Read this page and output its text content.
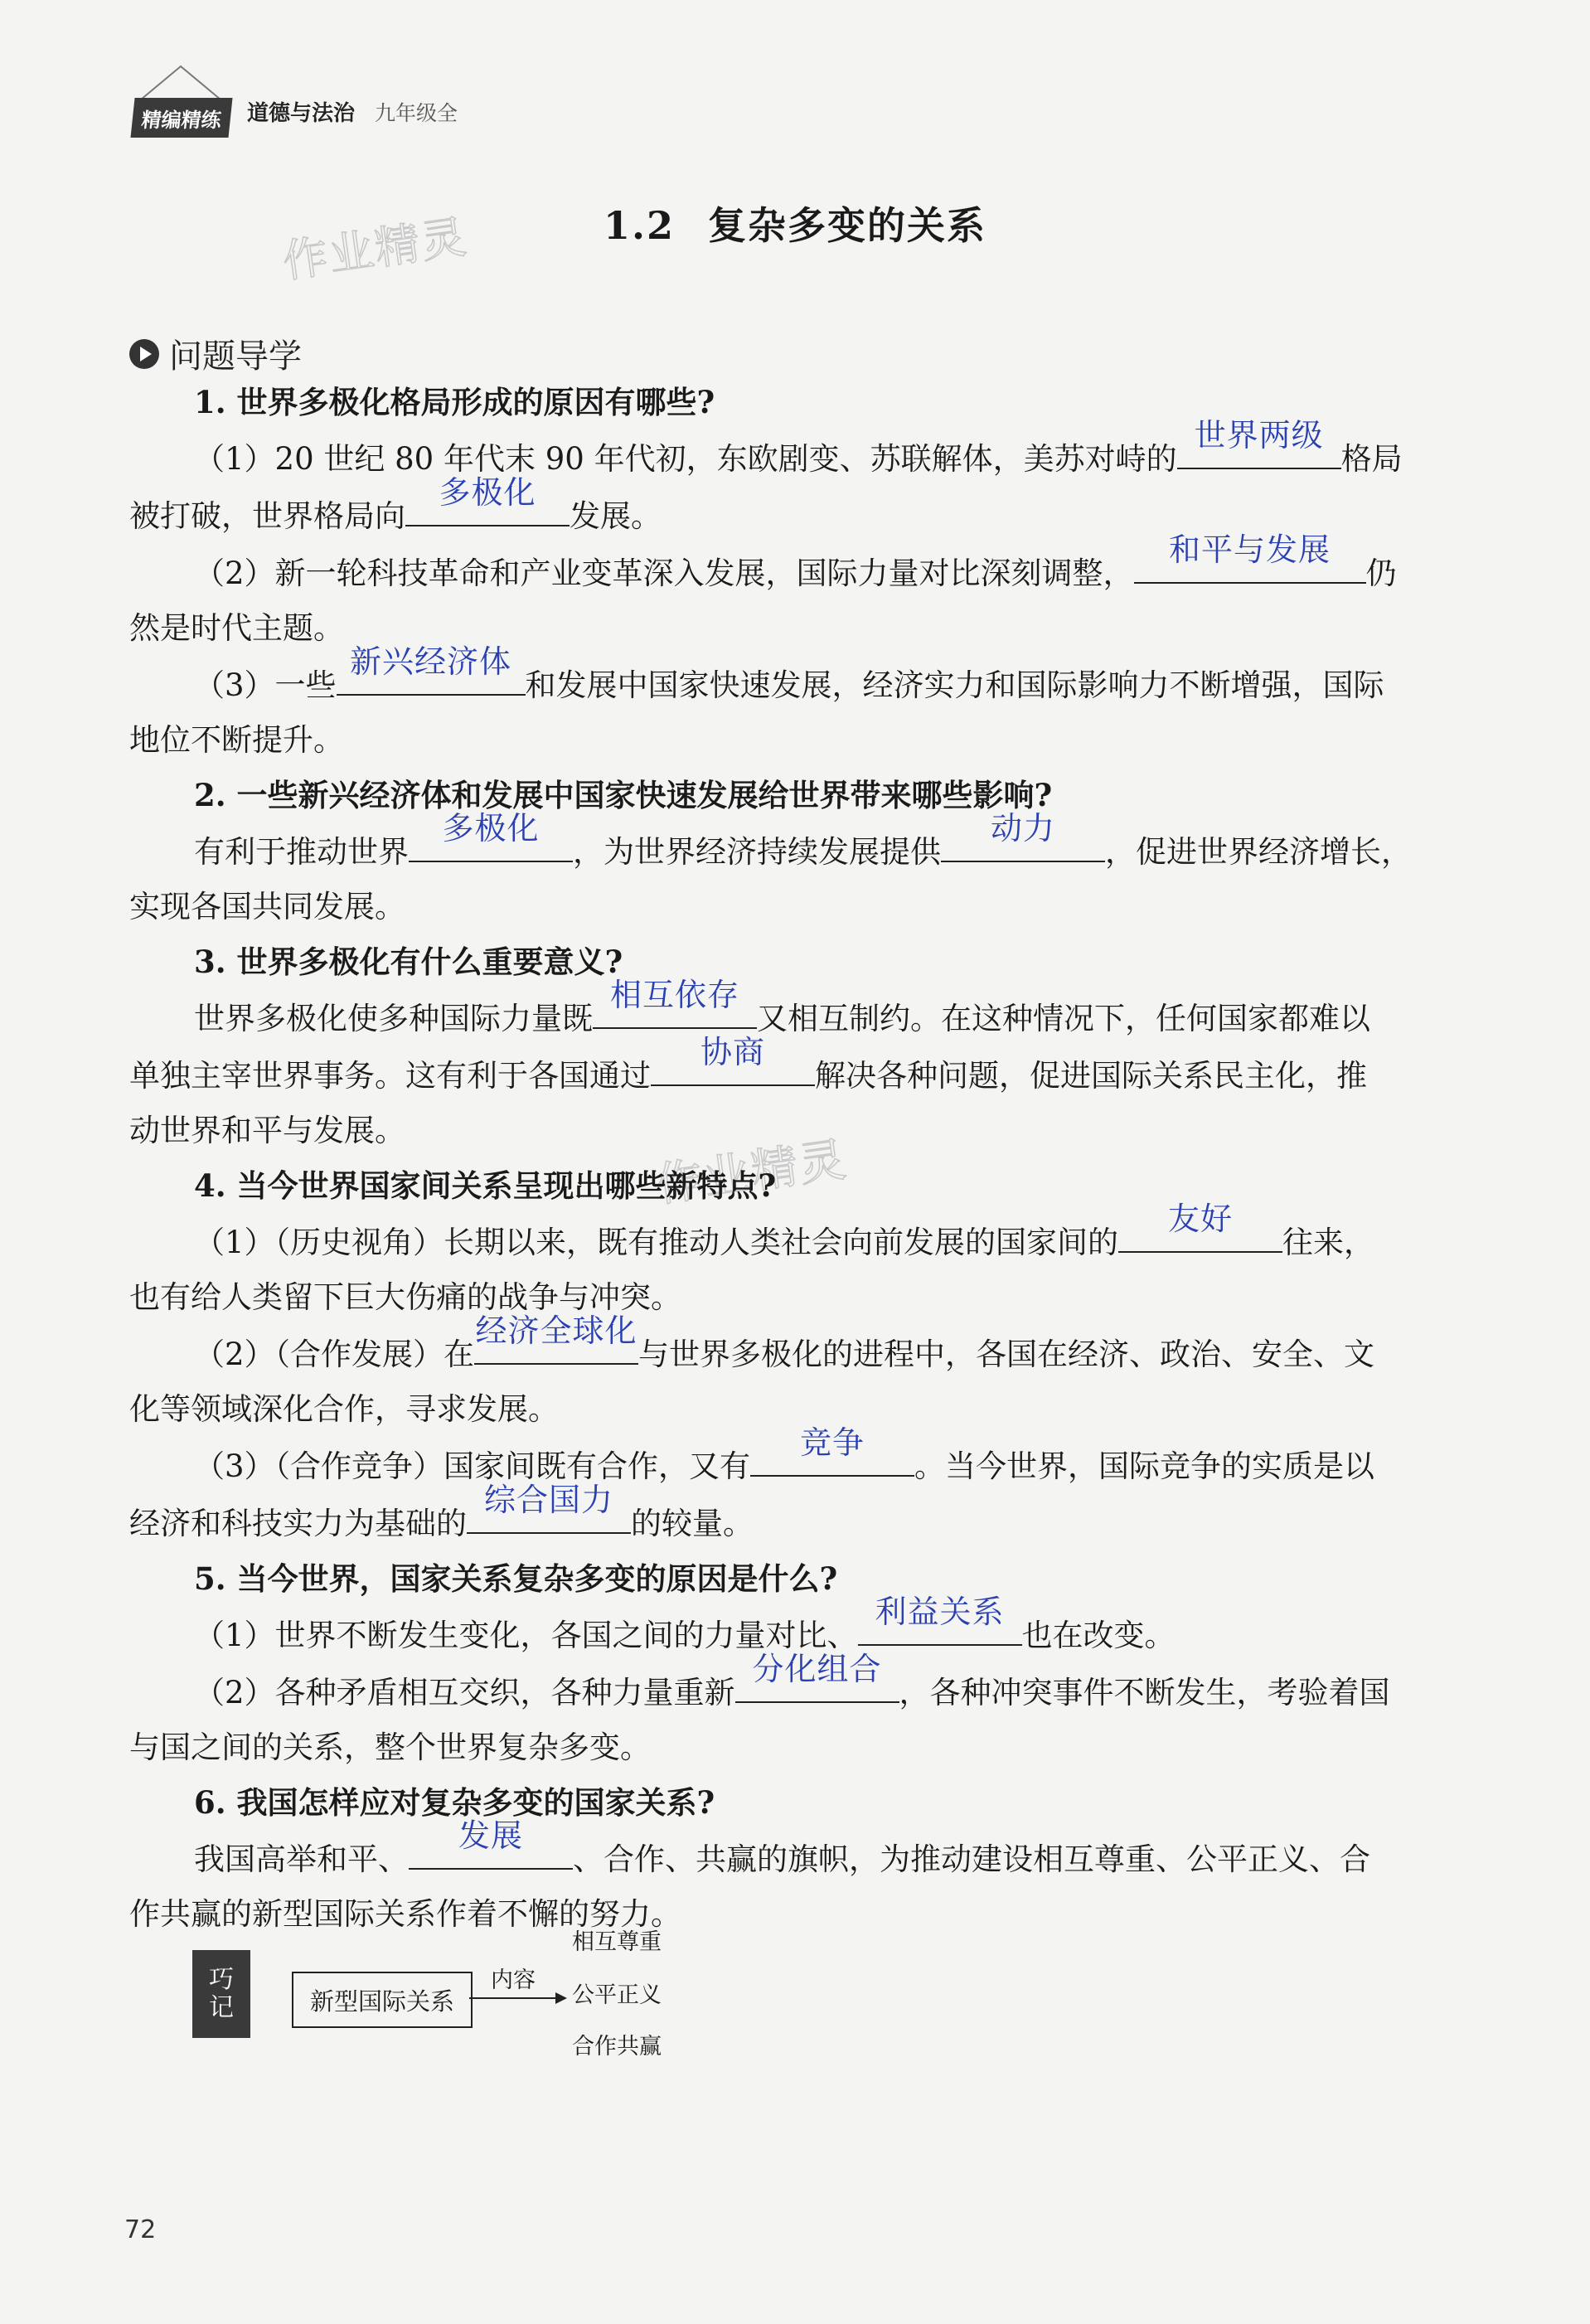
精编精练	道德与法治 九年级全
作业精灵
作业精灵
1.2 复杂多变的关系
问题导学
1. 世界多极化格局形成的原因有哪些?
（1）20 世纪 80 年代末 90 年代初，东欧剧变、苏联解体，美苏对峙的
世界两级
格局
被打破，世界格局向
多极化
发展。
（2）新一轮科技革命和产业变革深入发展，国际力量对比深刻调整，
和平与发展
仍
然是时代主题。
（3）一些
新兴经济体
和发展中国家快速发展，经济实力和国际影响力不断增强，国际
地位不断提升。
2. 一些新兴经济体和发展中国家快速发展给世界带来哪些影响?
有利于推动世界
多极化
，为世界经济持续发展提供
动力
，促进世界经济增长，
实现各国共同发展。
3. 世界多极化有什么重要意义?
世界多极化使多种国际力量既
相互依存
又相互制约。在这种情况下，任何国家都难以
单独主宰世界事务。这有利于各国通过
协商
解决各种问题，促进国际关系民主化，推
动世界和平与发展。
4. 当今世界国家间关系呈现出哪些新特点?
（1）（历史视角）长期以来，既有推动人类社会向前发展的国家间的
友好
往来，
也有给人类留下巨大伤痛的战争与冲突。
（2）（合作发展）在
经济全球化
与世界多极化的进程中，各国在经济、政治、安全、文
化等领域深化合作，寻求发展。
（3）（合作竞争）国家间既有合作，又有
竞争
。当今世界，国际竞争的实质是以
经济和科技实力为基础的
综合国力
的较量。
5. 当今世界，国家关系复杂多变的原因是什么?
（1）世界不断发生变化，各国之间的力量对比、
利益关系
也在改变。
（2）各种矛盾相互交织，各种力量重新
分化组合
，各种冲突事件不断发生，考验着国
与国之间的关系，整个世界复杂多变。
6. 我国怎样应对复杂多变的国家关系?
我国高举和平、
发展
、合作、共赢的旗帜，为推动建设相互尊重、公平正义、合
作共赢的新型国际关系作着不懈的努力。
巧
记	新型国际关系
内容
相互尊重
公平正义
合作共赢
72
